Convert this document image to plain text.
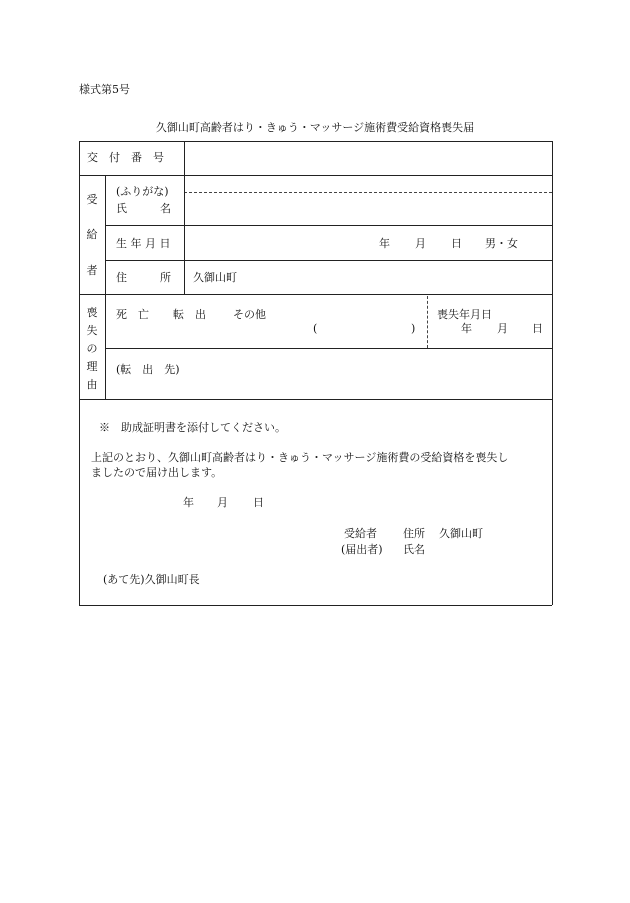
様式第5号
久御山町高齢者はり・きゅう・マッサージ施術費受給資格喪失届
交　付　番　号
受
給
者
(ふりがな)
氏　　　名
生 年 月 日	年 月 日 男・女
住　　　所 久御山町
喪
失
の
理
由
死　亡 転　出 その他
(	)
喪失年月日
年 月 日
(転　出　先)
※　助成証明書を添付してください。
上記のとおり、久御山町高齢者はり・きゅう・マッサージ施術費の受給資格を喪失し
ましたので届け出します。
年 月 日
受給者
(届出者)
住所 久御山町
氏名
(あて先)久御山町長
